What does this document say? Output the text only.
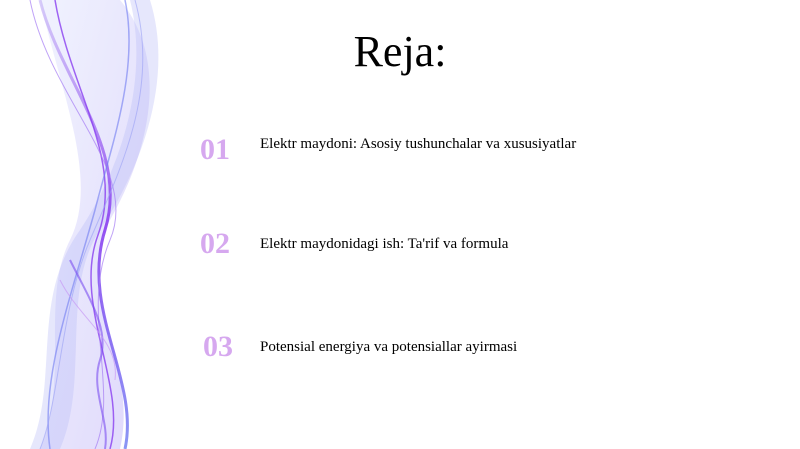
Reja:
01	Elektr maydoni: Asosiy tushunchalar va xususiyatlar
02	Elektr maydonidagi ish: Ta'rif va formula
03	Potensial energiya va potensiallar ayirmasi
